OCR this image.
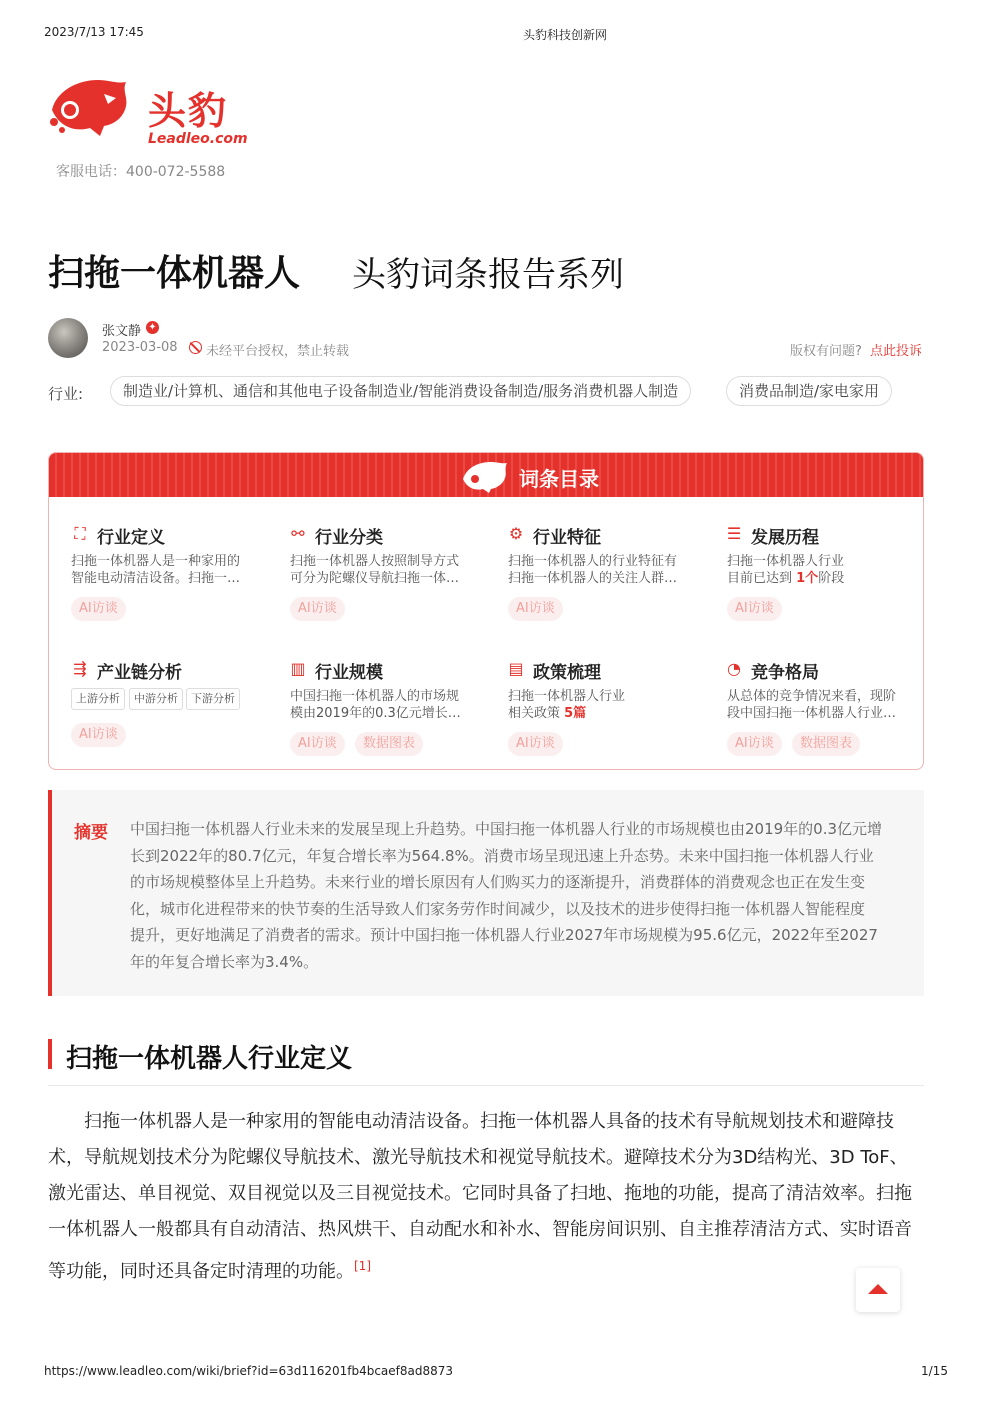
2023/7/13 17:45	头豹科技创新网
头豹
Leadleo.com
客服电话：400-072-5588
扫拖一体机器人 头豹词条报告系列
张文静 ✦
2023-03-08 未经平台授权，禁止转载	版权有问题? 点此投诉
行业:	制造业/计算机、通信和其他电子设备制造业/智能消费设备制造/服务消费机器人制造	消费品制造/家电家用
词条目录
⛶ 行业定义
扫拖一体机器人是一种家用的
智能电动清洁设备。扫拖一…
AI访谈
⚯ 行业分类
扫拖一体机器人按照制导方式
可分为陀螺仪导航扫拖一体…
AI访谈
⚙ 行业特征
扫拖一体机器人的行业特征有
扫拖一体机器人的关注人群…
AI访谈
☰ 发展历程
扫拖一体机器人行业
目前已达到 1个阶段
AI访谈
⇶ 产业链分析
上游分析	中游分析	下游分析
AI访谈
▥ 行业规模
中国扫拖一体机器人的市场规
模由2019年的0.3亿元增长…
AI访谈	数据图表
▤ 政策梳理
扫拖一体机器人行业
相关政策 5篇
AI访谈
◔ 竞争格局
从总体的竞争情况来看，现阶
段中国扫拖一体机器人行业…
AI访谈	数据图表
摘要 中国扫拖一体机器人行业未来的发展呈现上升趋势。中国扫拖一体机器人行业的市场规模也由2019年的0.3亿元增
长到2022年的80.7亿元，年复合增长率为564.8%。消费市场呈现迅速上升态势。未来中国扫拖一体机器人行业
的市场规模整体呈上升趋势。未来行业的增长原因有人们购买力的逐渐提升，消费群体的消费观念也正在发生变
化，城市化进程带来的快节奏的生活导致人们家务劳作时间减少，以及技术的进步使得扫拖一体机器人智能程度
提升，更好地满足了消费者的需求。预计中国扫拖一体机器人行业2027年市场规模为95.6亿元，2022年至2027
年的年复合增长率为3.4%。
扫拖一体机器人行业定义
扫拖一体机器人是一种家用的智能电动清洁设备。扫拖一体机器人具备的技术有导航规划技术和避障技术，导航规划技术分为陀螺仪导航技术、激光导航技术和视觉导航技术。避障技术分为3D结构光、3D ToF、激光雷达、单目视觉、双目视觉以及三目视觉技术。它同时具备了扫地、拖地的功能，提高了清洁效率。扫拖一体机器人一般都具有自动清洁、热风烘干、自动配水和补水、智能房间识别、自主推荐清洁方式、实时语音等功能，同时还具备定时清理的功能。[1]
https://www.leadleo.com/wiki/brief?id=63d116201fb4bcaef8ad8873	1/15
